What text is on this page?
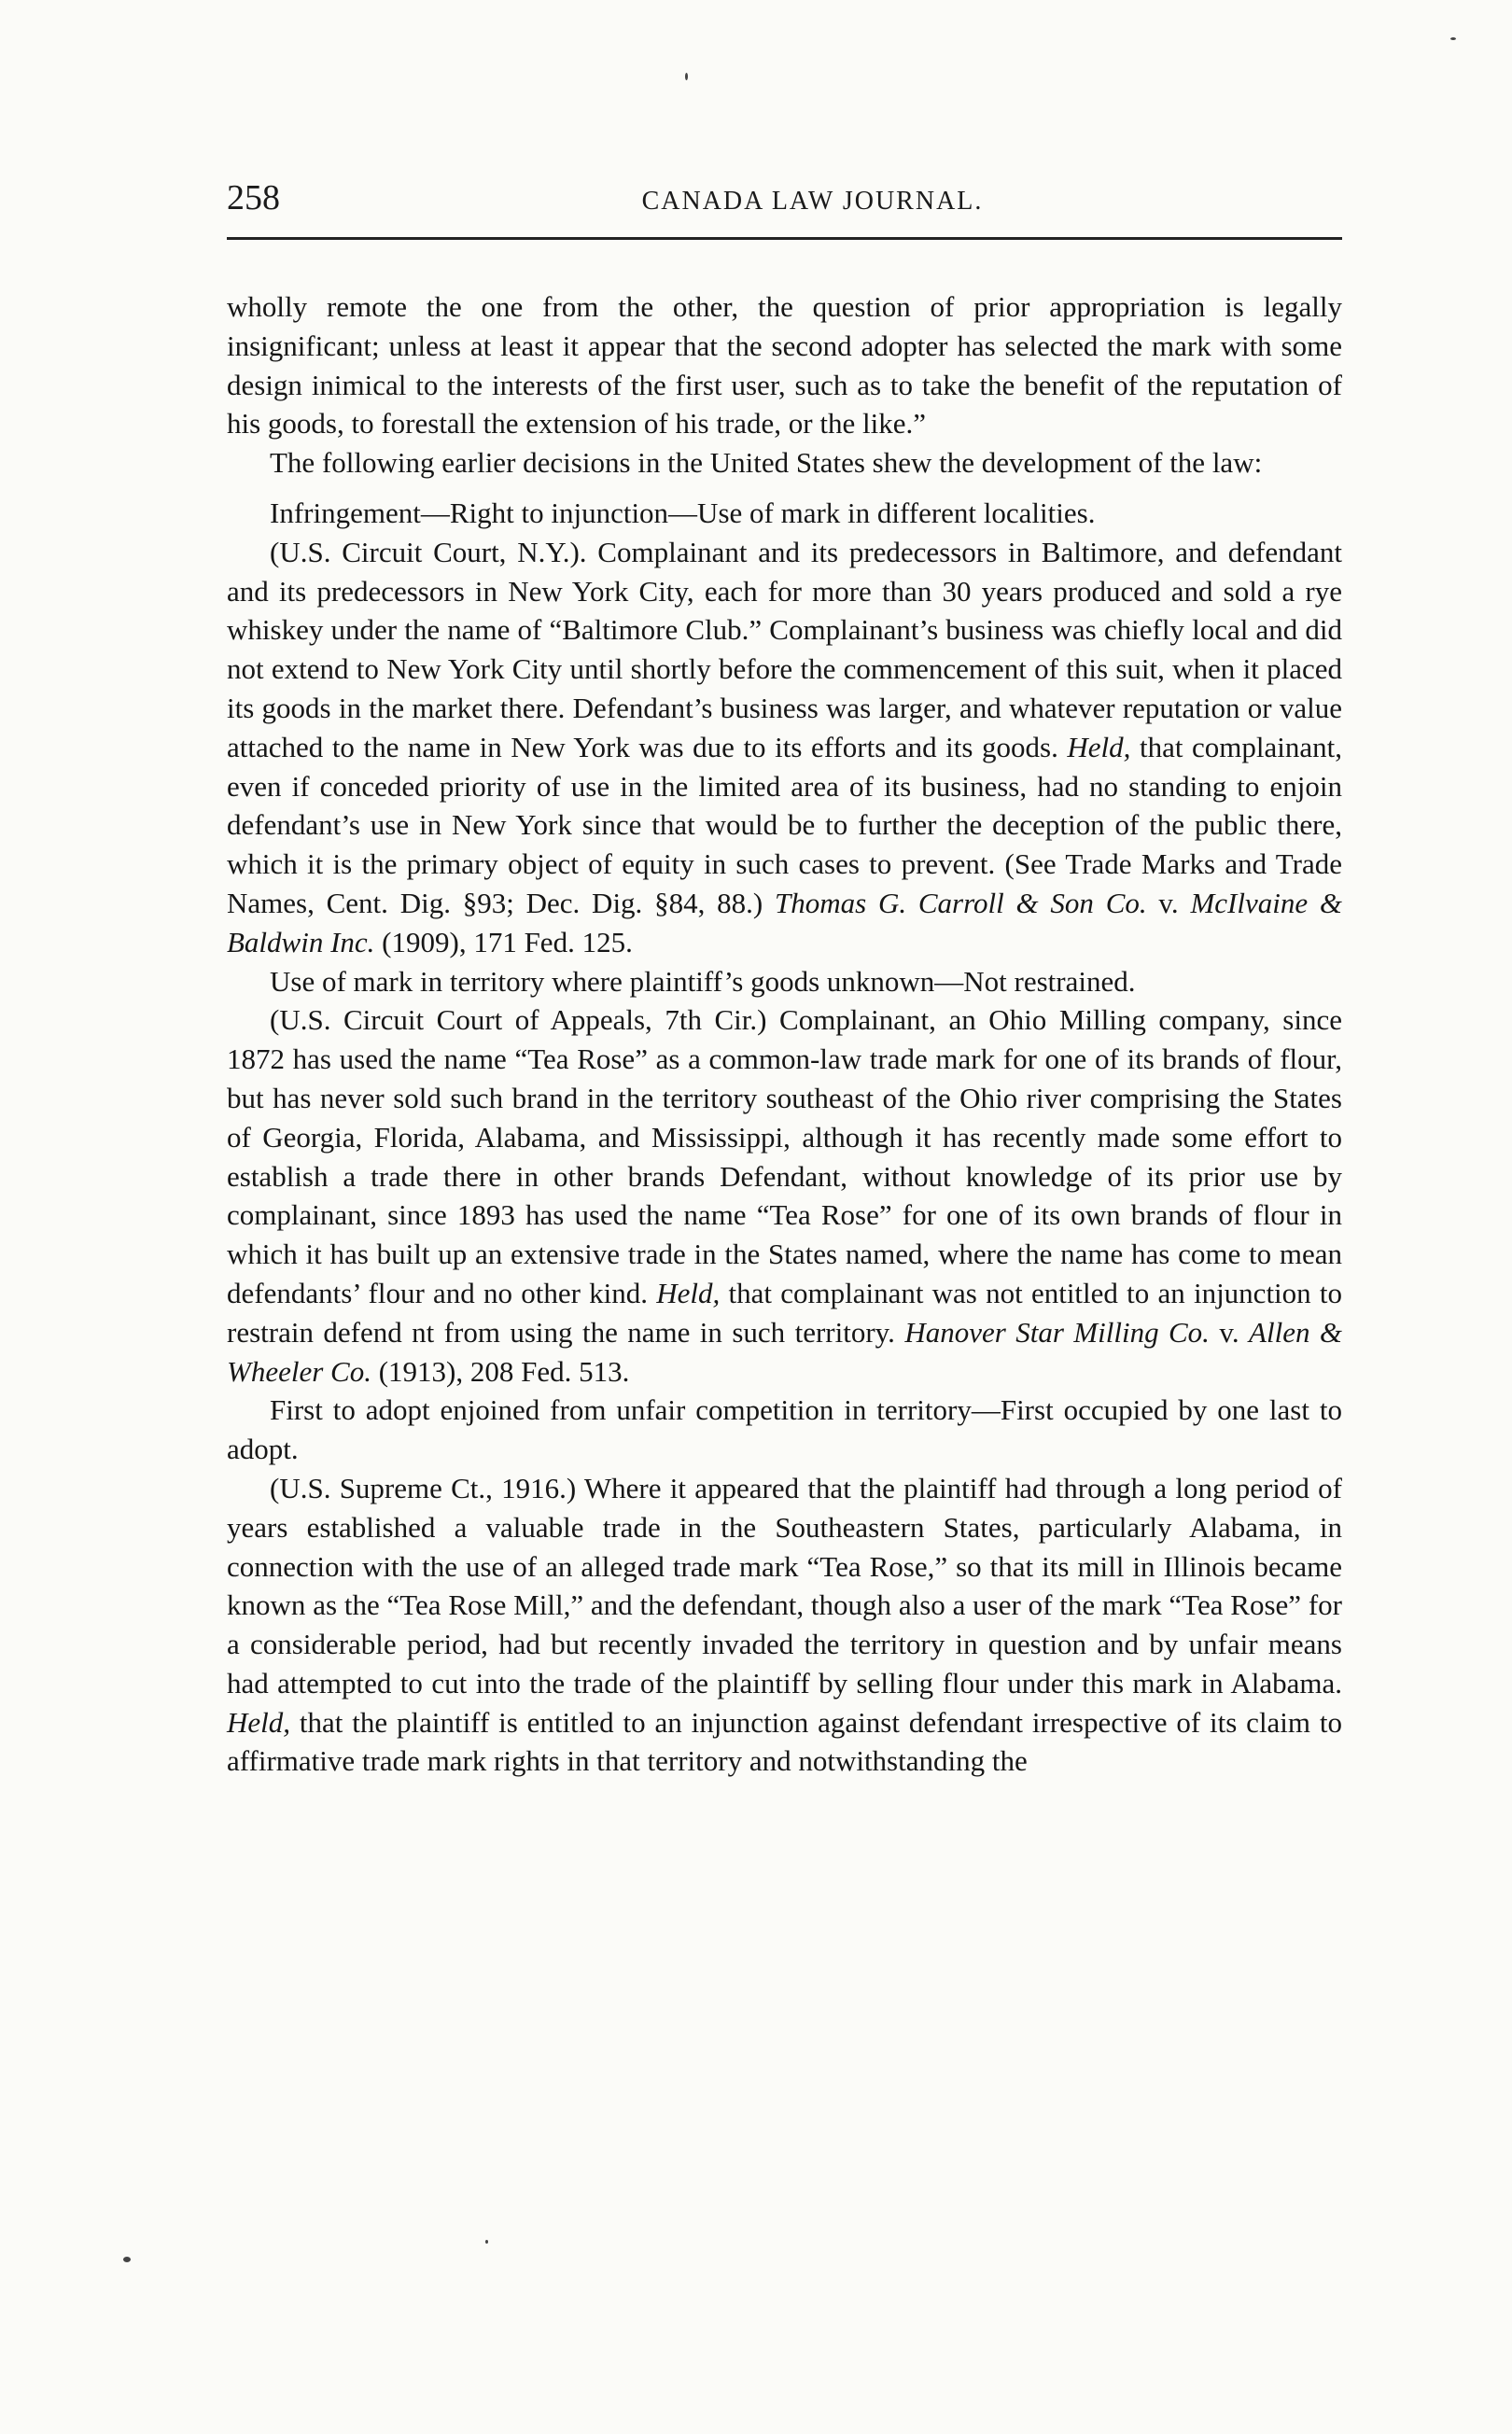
258	CANADA LAW JOURNAL.

wholly remote the one from the other, the question of prior appropriation is legally insignificant; unless at least it appear that the second adopter has selected the mark with some design inimical to the interests of the first user, such as to take the benefit of the reputation of his goods, to forestall the extension of his trade, or the like.”

The following earlier decisions in the United States shew the development of the law:

Infringement—Right to injunction—Use of mark in different localities.

(U.S. Circuit Court, N.Y.). Complainant and its predecessors in Baltimore, and defendant and its predecessors in New York City, each for more than 30 years produced and sold a rye whiskey under the name of “Baltimore Club.” Complainant’s business was chiefly local and did not extend to New York City until shortly before the commencement of this suit, when it placed its goods in the market there. Defendant’s business was larger, and whatever reputation or value attached to the name in New York was due to its efforts and its goods. Held, that complainant, even if conceded priority of use in the limited area of its business, had no standing to enjoin defendant’s use in New York since that would be to further the deception of the public there, which it is the primary object of equity in such cases to prevent. (See Trade Marks and Trade Names, Cent. Dig. §93; Dec. Dig. §84, 88.) Thomas G. Carroll & Son Co. v. McIlvaine & Baldwin Inc. (1909), 171 Fed. 125.

Use of mark in territory where plaintiff’s goods unknown—Not restrained.

(U.S. Circuit Court of Appeals, 7th Cir.) Complainant, an Ohio Milling company, since 1872 has used the name “Tea Rose” as a common-law trade mark for one of its brands of flour, but has never sold such brand in the territory southeast of the Ohio river comprising the States of Georgia, Florida, Alabama, and Mississippi, although it has recently made some effort to establish a trade there in other brands Defendant, without knowledge of its prior use by complainant, since 1893 has used the name “Tea Rose” for one of its own brands of flour in which it has built up an extensive trade in the States named, where the name has come to mean defendants’ flour and no other kind. Held, that complainant was not entitled to an injunction to restrain defend nt from using the name in such territory. Hanover Star Milling Co. v. Allen & Wheeler Co. (1913), 208 Fed. 513.

First to adopt enjoined from unfair competition in territory—First occupied by one last to adopt.

(U.S. Supreme Ct., 1916.) Where it appeared that the plaintiff had through a long period of years established a valuable trade in the Southeastern States, particularly Alabama, in connection with the use of an alleged trade mark “Tea Rose,” so that its mill in Illinois became known as the “Tea Rose Mill,” and the defendant, though also a user of the mark “Tea Rose” for a considerable period, had but recently invaded the territory in question and by unfair means had attempted to cut into the trade of the plaintiff by selling flour under this mark in Alabama. Held, that the plaintiff is entitled to an injunction against defendant irrespective of its claim to affirmative trade mark rights in that territory and notwithstanding the
